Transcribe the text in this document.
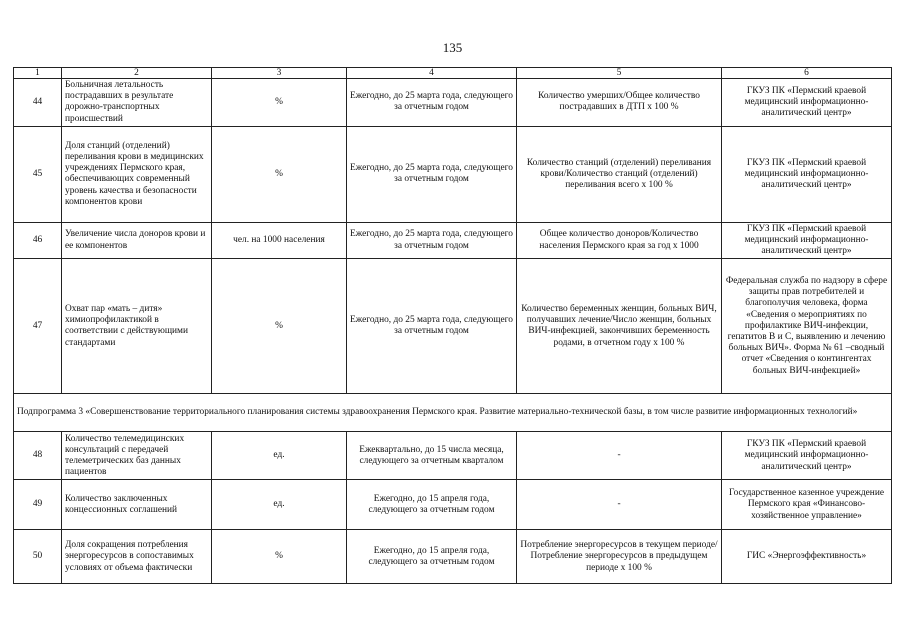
135
1	2	3	4	5	6
44	Больничная летальность пострадавших в результате дорожно-транспортных происшествий	%	Ежегодно, до 25 марта года, следующего за отчетным годом	Количество умерших/Общее количество пострадавших в ДТП х 100 %	ГКУЗ ПК «Пермский краевой медицинский информационно-аналитический центр»
45	Доля станций (отделений) переливания крови в медицинских учреждениях Пермского края, обеспечивающих современный уровень качества и безопасности компонентов крови	%	Ежегодно, до 25 марта года, следующего за отчетным годом	Количество станций (отделений) переливания крови/Количество станций (отделений) переливания всего х 100 %	ГКУЗ ПК «Пермский краевой медицинский информационно-аналитический центр»
46	Увеличение числа доноров крови и ее компонентов	чел. на 1000 населения	Ежегодно, до 25 марта года, следующего за отчетным годом	Общее количество доноров/Количество населения Пермского края за год х 1000	ГКУЗ ПК «Пермский краевой медицинский информационно-аналитический центр»
47	Охват пар «мать – дитя» химиопрофилактикой в соответствии с действующими стандартами	%	Ежегодно, до 25 марта года, следующего за отчетным годом	Количество беременных женщин, больных ВИЧ, получавших лечение/Число женщин, больных ВИЧ-инфекцией, закончивших беременность родами, в отчетном году х 100 %	Федеральная служба по надзору в сфере защиты прав потребителей и благополучия человека, форма «Сведения о мероприятиях по профилактике ВИЧ-инфекции, гепатитов В и С, выявлению и лечению больных ВИЧ». Форма № 61 –сводный отчет «Сведения о контингентах больных ВИЧ-инфекцией»
Подпрограмма 3 «Совершенствование территориального планирования системы здравоохранения Пермского края. Развитие материально-технической базы, в том числе развитие информационных технологий»					
48	Количество телемедицинских консультаций с передачей телеметрических баз данных пациентов	ед.	Ежеквартально, до 15 числа месяца, следующего за отчетным кварталом	-	ГКУЗ ПК «Пермский краевой медицинский информационно-аналитический центр»
49	Количество заключенных концессионных соглашений	ед.	Ежегодно, до 15 апреля года, следующего за отчетным годом	-	Государственное казенное учреждение Пермского края «Финансово-хозяйственное управление»
50	Доля сокращения потребления энергоресурсов в сопоставимых условиях от объема фактически	%	Ежегодно, до 15 апреля года, следующего за отчетным годом	Потребление энергоресурсов в текущем периоде/Потребление энергоресурсов в предыдущем периоде х 100 %	ГИС «Энергоэффективность»
